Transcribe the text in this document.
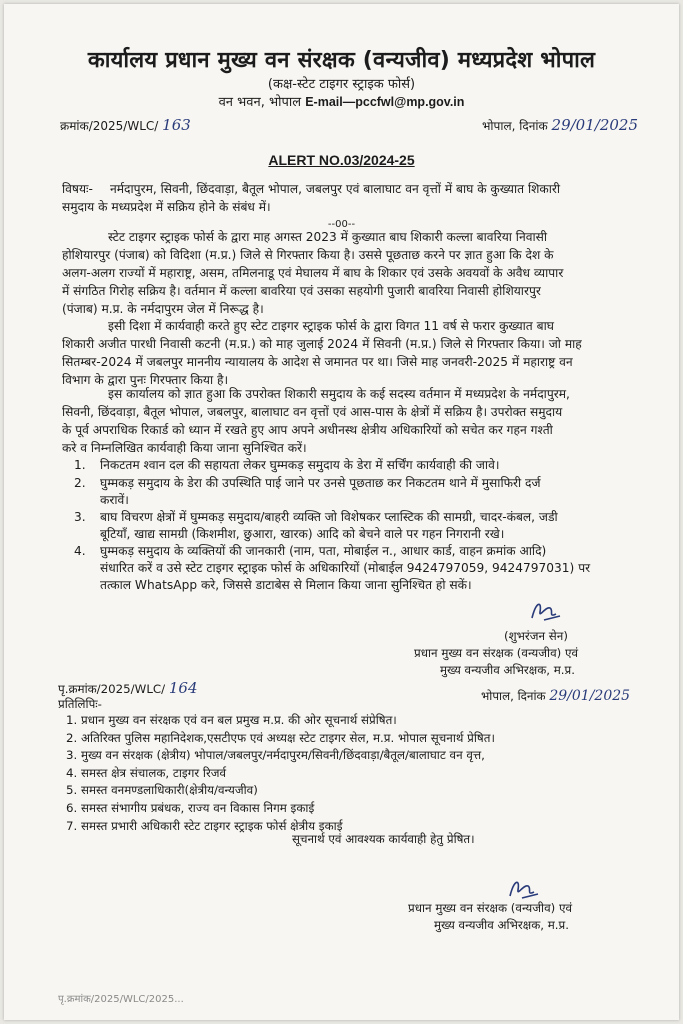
कार्यालय प्रधान मुख्य वन संरक्षक (वन्यजीव) मध्यप्रदेश भोपाल
(कक्ष-स्टेट टाइगर स्ट्राइक फोर्स)
वन भवन, भोपाल E-mail—pccfwl@mp.gov.in
क्रमांक/2025/WLC/ 163	भोपाल, दिनांक 29/01/2025
ALERT NO.03/2024-25
विषयः- नर्मदापुरम, सिवनी, छिंदवाड़ा, बैतूल भोपाल, जबलपुर एवं बालाघाट वन वृत्तों में बाघ के कुख्यात शिकारी
समुदाय के मध्यप्रदेश में सक्रिय होने के संबंध में।
--00--
स्टेट टाइगर स्ट्राइक फोर्स के द्वारा माह अगस्त 2023 में कुख्यात बाघ शिकारी कल्ला बावरिया निवासी
होशियारपुर (पंजाब) को विदिशा (म.प्र.) जिले से गिरफ्तार किया है। उससे पूछताछ करने पर ज्ञात हुआ कि देश के
अलग-अलग राज्यों में महाराष्ट्र, असम, तमिलनाडू एवं मेघालय में बाघ के शिकार एवं उसके अवयवों के अवैध व्यापार
में संगठित गिरोह सक्रिय है। वर्तमान में कल्ला बावरिया एवं उसका सहयोगी पुजारी बावरिया निवासी होशियारपुर
(पंजाब) म.प्र. के नर्मदापुरम जेल में निरूद्ध है।
इसी दिशा में कार्यवाही करते हुए स्टेट टाइगर स्ट्राइक फोर्स के द्वारा विगत 11 वर्ष से फरार कुख्यात बाघ
शिकारी अजीत पारधी निवासी कटनी (म.प्र.) को माह जुलाई 2024 में सिवनी (म.प्र.) जिले से गिरफ्तार किया। जो माह
सितम्बर-2024 में जबलपुर माननीय न्यायालय के आदेश से जमानत पर था। जिसे माह जनवरी-2025 में महाराष्ट्र वन
विभाग के द्वारा पुनः गिरफ्तार किया है।
इस कार्यालय को ज्ञात हुआ कि उपरोक्त शिकारी समुदाय के कई सदस्य वर्तमान में मध्यप्रदेश के नर्मदापुरम,
सिवनी, छिंदवाड़ा, बैतूल भोपाल, जबलपुर, बालाघाट वन वृत्तों एवं आस-पास के क्षेत्रों में सक्रिय है। उपरोक्त समुदाय
के पूर्व अपराधिक रिकार्ड को ध्यान में रखते हुए आप अपने अधीनस्थ क्षेत्रीय अधिकारियों को सचेत कर गहन गश्ती
करे व निम्नलिखित कार्यवाही किया जाना सुनिश्चित करें।
1. निकटतम श्वान दल की सहायता लेकर घुम्मकड़ समुदाय के डेरा में सर्चिंग कार्यवाही की जावे।
2. घुम्मकड़ समुदाय के डेरा की उपस्थिति पाई जाने पर उनसे पूछताछ कर निकटतम थाने में मुसाफिरी दर्ज
करावें।
3. बाघ विचरण क्षेत्रों में घुम्मकड़ समुदाय/बाहरी व्यक्ति जो विशेषकर प्लास्टिक की सामग्री, चादर-कंबल, जडी
बूटियाँ, खाद्य सामग्री (किशमीश, छुआरा, खारक) आदि को बेचने वाले पर गहन निगरानी रखे।
4. घुम्मकड़ समुदाय के व्यक्तियों की जानकारी (नाम, पता, मोबाईल न., आधार कार्ड, वाहन क्रमांक आदि)
संधारित करें व उसे स्टेट टाइगर स्ट्राइक फोर्स के अधिकारियों (मोबाईल 9424797059, 9424797031) पर
तत्काल WhatsApp करे, जिससे डाटाबेस से मिलान किया जाना सुनिश्चित हो सकें।
(शुभरंजन सेन)
प्रधान मुख्य वन संरक्षक (वन्यजीव) एवं
मुख्य वन्यजीव अभिरक्षक, म.प्र.
पृ.क्रमांक/2025/WLC/ 164	भोपाल, दिनांक 29/01/2025
प्रतिलिपिः-
1. प्रधान मुख्य वन संरक्षक एवं वन बल प्रमुख म.प्र. की ओर सूचनार्थ संप्रेषित।
2. अतिरिक्त पुलिस महानिदेशक,एसटीएफ एवं अध्यक्ष स्टेट टाइगर सेल, म.प्र. भोपाल सूचनार्थ प्रेषित।
3. मुख्य वन संरक्षक (क्षेत्रीय) भोपाल/जबलपुर/नर्मदापुरम/सिवनी/छिंदवाड़ा/बैतूल/बालाघाट वन वृत्त,
4. समस्त क्षेत्र संचालक, टाइगर रिजर्व
5. समस्त वनमण्डलाधिकारी(क्षेत्रीय/वन्यजीव)
6. समस्त संभागीय प्रबंधक, राज्य वन विकास निगम इकाई
7. समस्त प्रभारी अधिकारी स्टेट टाइगर स्ट्राइक फोर्स क्षेत्रीय इकाई
सूचनार्थ एवं आवश्यक कार्यवाही हेतु प्रेषित।
प्रधान मुख्य वन संरक्षक (वन्यजीव) एवं
मुख्य वन्यजीव अभिरक्षक, म.प्र.
पृ.क्रमांक/2025/WLC/2025...
